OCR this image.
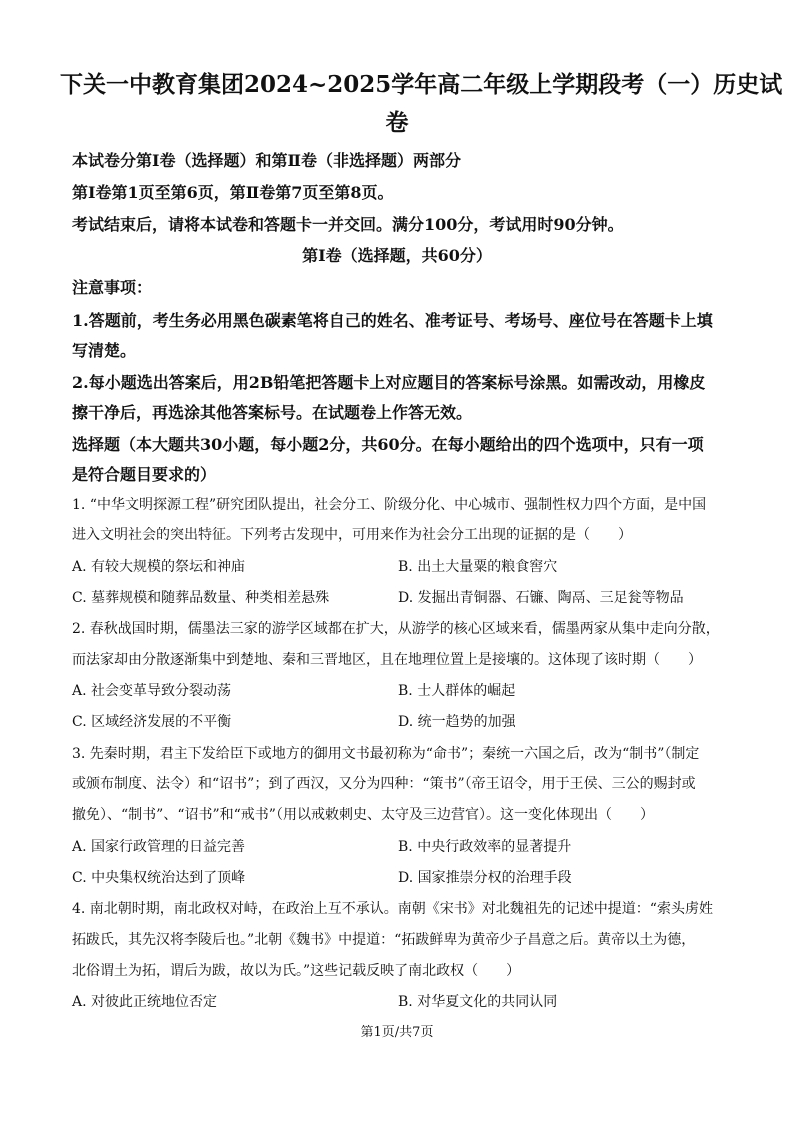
下关一中教育集团2024~2025学年高二年级上学期段考（一）历史试
卷
本试卷分第Ⅰ卷（选择题）和第Ⅱ卷（非选择题）两部分
第Ⅰ卷第1页至第6页，第Ⅱ卷第7页至第8页。
考试结束后，请将本试卷和答题卡一并交回。满分100分，考试用时90分钟。
第Ⅰ卷（选择题，共60分）
注意事项：
1.答题前，考生务必用黑色碳素笔将自己的姓名、准考证号、考场号、座位号在答题卡上填
写清楚。
2.每小题选出答案后，用2B铅笔把答题卡上对应题目的答案标号涂黑。如需改动，用橡皮
擦干净后，再选涂其他答案标号。在试题卷上作答无效。
选择题（本大题共30小题，每小题2分，共60分。在每小题给出的四个选项中，只有一项
是符合题目要求的）
1. “中华文明探源工程”研究团队提出，社会分工、阶级分化、中心城市、强制性权力四个方面，是中国
进入文明社会的突出特征。下列考古发现中，可用来作为社会分工出现的证据的是（　　）
A. 有较大规模的祭坛和神庙	B. 出土大量粟的粮食窖穴
C. 墓葬规模和随葬品数量、种类相差悬殊	D. 发掘出青铜器、石镰、陶鬲、三足瓮等物品
2. 春秋战国时期，儒墨法三家的游学区域都在扩大，从游学的核心区域来看，儒墨两家从集中走向分散，
而法家却由分散逐渐集中到楚地、秦和三晋地区，且在地理位置上是接壤的。这体现了该时期（　　）
A. 社会变革导致分裂动荡	B. 士人群体的崛起
C. 区域经济发展的不平衡	D. 统一趋势的加强
3. 先秦时期，君主下发给臣下或地方的御用文书最初称为“命书”；秦统一六国之后，改为“制书”（制定
或颁布制度、法令）和“诏书”；到了西汉，又分为四种：“策书”（帝王诏令，用于王侯、三公的赐封或
撤免）、“制书”、“诏书”和“戒书”（用以戒敕刺史、太守及三边营官）。这一变化体现出（　　）
A. 国家行政管理的日益完善	B. 中央行政效率的显著提升
C. 中央集权统治达到了顶峰	D. 国家推崇分权的治理手段
4. 南北朝时期，南北政权对峙，在政治上互不承认。南朝《宋书》对北魏祖先的记述中提道：“索头虏姓
拓跋氏，其先汉将李陵后也。”北朝《魏书》中提道：“拓跋鲜卑为黄帝少子昌意之后。黄帝以土为德，
北俗谓土为拓，谓后为跋，故以为氏。”这些记载反映了南北政权（　　）
A. 对彼此正统地位否定	B. 对华夏文化的共同认同
第1页/共7页
